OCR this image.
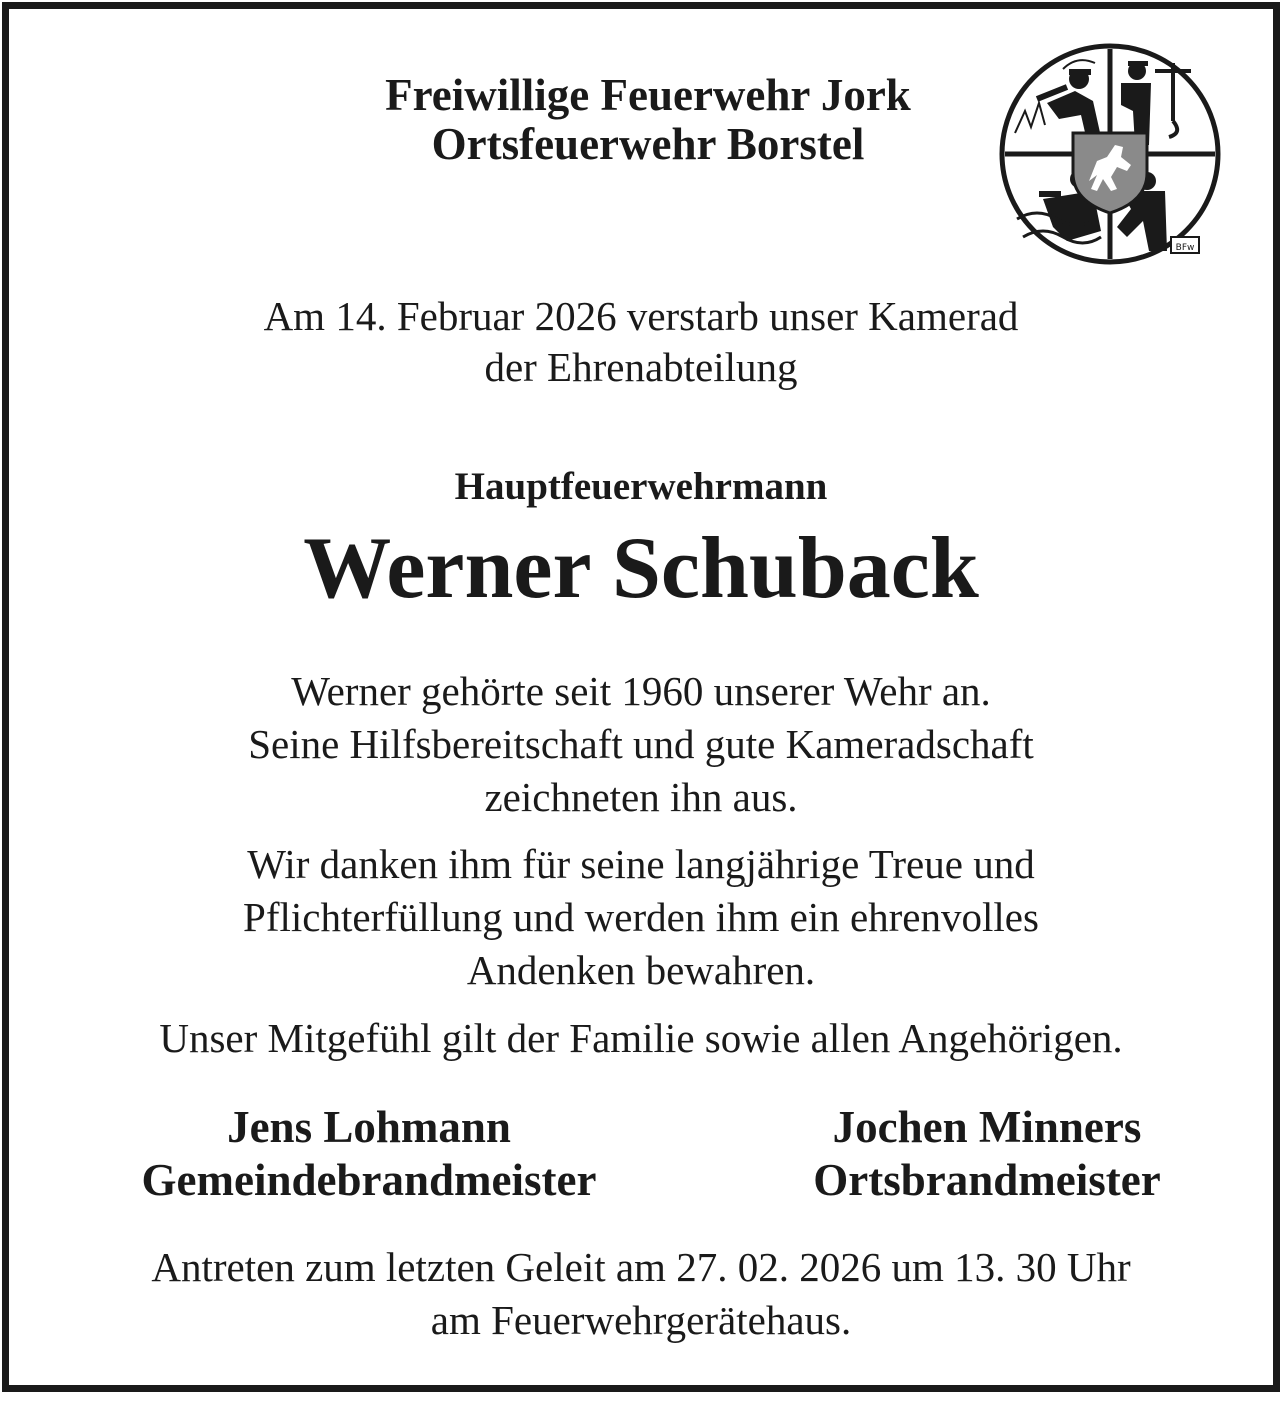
Freiwillige Feuerwehr Jork
Ortsfeuerwehr Borstel
BFw
Am 14. Februar 2026 verstarb unser Kamerad
der Ehrenabteilung
Hauptfeuerwehrmann
Werner Schuback
Werner gehörte seit 1960 unserer Wehr an.
Seine Hilfsbereitschaft und gute Kameradschaft
zeichneten ihn aus.
Wir danken ihm für seine langjährige Treue und
Pflichterfüllung und werden ihm ein ehrenvolles
Andenken bewahren.
Unser Mitgefühl gilt der Familie sowie allen Angehörigen.
Jens Lohmann
Gemeindebrandmeister
Jochen Minners
Ortsbrandmeister
Antreten zum letzten Geleit am 27. 02. 2026 um 13. 30 Uhr
am Feuerwehrgerätehaus.
